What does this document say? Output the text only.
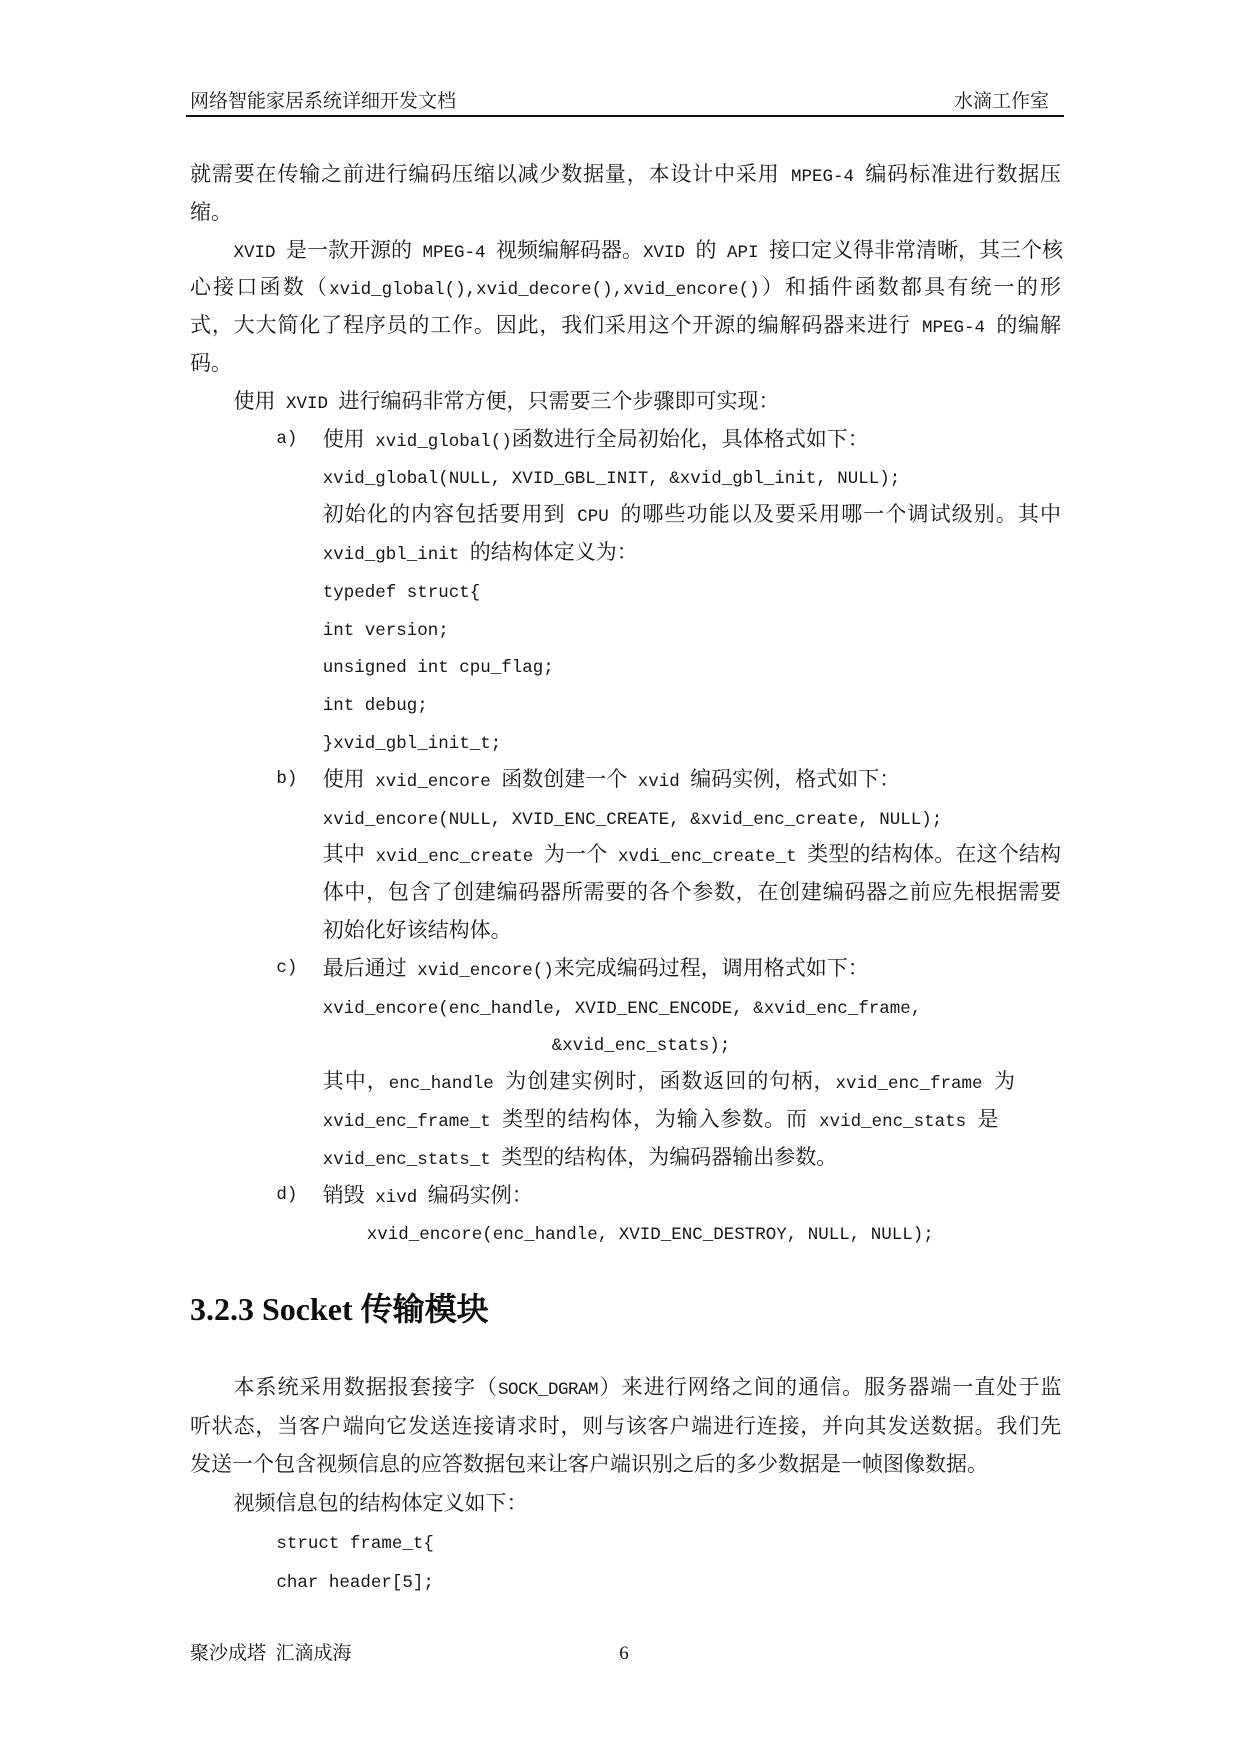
网络智能家居系统详细开发文档	水滴工作室
就需要在传输之前进行编码压缩以减少数据量，本设计中采用 MPEG-4 编码标准进行数据压
缩。
XVID 是一款开源的 MPEG-4 视频编解码器。XVID 的 API 接口定义得非常清晰，其三个核
心接口函数（xvid_global(),xvid_decore(),xvid_encore()）和插件函数都具有统一的形
式，大大简化了程序员的工作。因此，我们采用这个开源的编解码器来进行 MPEG-4 的编解
码。
使用 XVID 进行编码非常方便，只需要三个步骤即可实现：
a) 使用 xvid_global()函数进行全局初始化，具体格式如下：
xvid_global(NULL, XVID_GBL_INIT, &xvid_gbl_init, NULL);
初始化的内容包括要用到 CPU 的哪些功能以及要采用哪一个调试级别。其中
xvid_gbl_init 的结构体定义为：
typedef struct{
int version;
unsigned int cpu_flag;
int debug;
}xvid_gbl_init_t;
b) 使用 xvid_encore 函数创建一个 xvid 编码实例，格式如下：
xvid_encore(NULL, XVID_ENC_CREATE, &xvid_enc_create, NULL);
其中 xvid_enc_create 为一个 xvdi_enc_create_t 类型的结构体。在这个结构
体中，包含了创建编码器所需要的各个参数，在创建编码器之前应先根据需要
初始化好该结构体。
c) 最后通过 xvid_encore()来完成编码过程，调用格式如下：
xvid_encore(enc_handle, XVID_ENC_ENCODE, &xvid_enc_frame,
&xvid_enc_stats);
其中，enc_handle 为创建实例时，函数返回的句柄，xvid_enc_frame 为
xvid_enc_frame_t 类型的结构体，为输入参数。而 xvid_enc_stats 是
xvid_enc_stats_t 类型的结构体，为编码器输出参数。
d) 销毁 xivd 编码实例：
xvid_encore(enc_handle, XVID_ENC_DESTROY, NULL, NULL);
3.2.3 Socket 传输模块
本系统采用数据报套接字（SOCK_DGRAM）来进行网络之间的通信。服务器端一直处于监
听状态，当客户端向它发送连接请求时，则与该客户端进行连接，并向其发送数据。我们先
发送一个包含视频信息的应答数据包来让客户端识别之后的多少数据是一帧图像数据。
视频信息包的结构体定义如下：
struct frame_t{
char header[5];
聚沙成塔  汇滴成海	6
